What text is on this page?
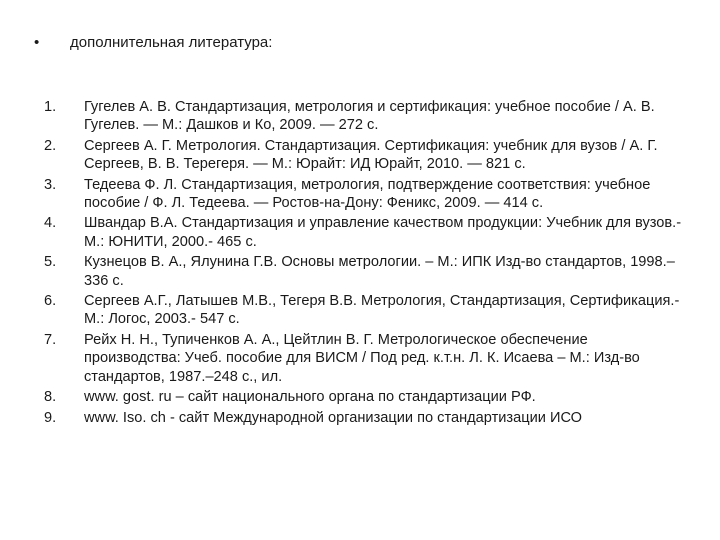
•	дополнительная литература:
1.	Гугелев А. В. Стандартизация, метрология и сертификация: учебное пособие / А. В. Гугелев. — М.: Дашков и Ко, 2009. — 272 с.
2.	Сергеев А. Г. Метрология. Стандартизация. Сертификация: учебник для вузов / А. Г. Сергеев, В. В. Терегеря. — М.: Юрайт: ИД Юрайт, 2010. — 821 с.
3.	Тедеева Ф. Л. Стандартизация, метрология, подтверждение соответствия: учебное пособие / Ф. Л. Тедеева. — Ростов-на-Дону: Феникс, 2009. — 414 с.
4.	Швандар В.А. Стандартизация и управление качеством продукции: Учебник для вузов.- М.: ЮНИТИ, 2000.- 465 с.
5.	Кузнецов В. А., Ялунина Г.В. Основы метрологии. – М.: ИПК Изд-во стандартов, 1998.– 336 с.
6.	Сергеев А.Г., Латышев М.В., Тегеря В.В. Метрология, Стандартизация, Сертификация.- М.: Логос, 2003.- 547 с.
7.	Рейх Н. Н., Тупиченков А. А., Цейтлин В. Г. Метрологическое обеспечение производства: Учеб. пособие для ВИСМ / Под ред. к.т.н. Л. К. Исаева – М.: Изд-во стандартов, 1987.–248 с., ил.
8.	www. gost. ru – сайт национального органа по стандартизации РФ.
9.	www. Iso. ch - сайт Международной организации по стандартизации ИСО
